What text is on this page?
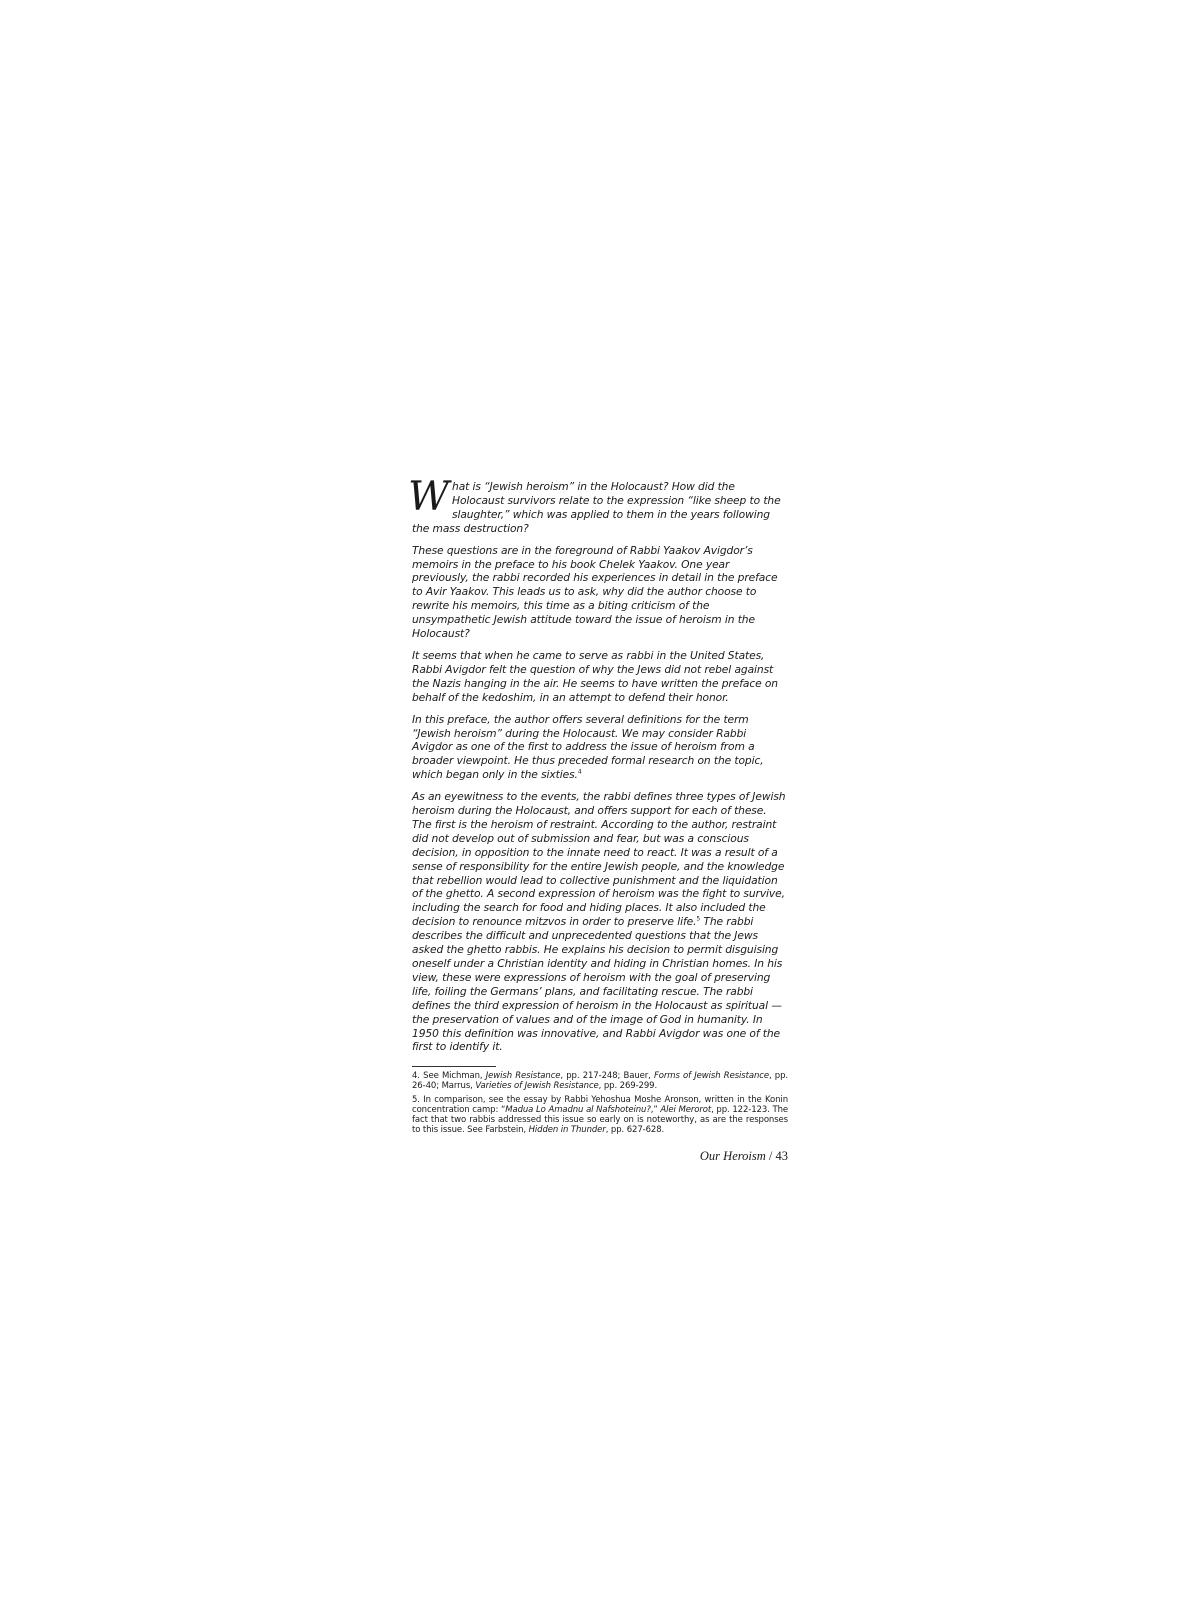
What is “Jewish heroism” in the Holocaust? How did the Holocaust survivors relate to the expression “like sheep to the slaughter,” which was applied to them in the years following the mass destruction?

These questions are in the foreground of Rabbi Yaakov Avigdor’s memoirs in the preface to his book Chelek Yaakov. One year previously, the rabbi recorded his experiences in detail in the preface to Avir Yaakov. This leads us to ask, why did the author choose to rewrite his memoirs, this time as a biting criticism of the unsympathetic Jewish attitude toward the issue of heroism in the Holocaust?

It seems that when he came to serve as rabbi in the United States, Rabbi Avigdor felt the question of why the Jews did not rebel against the Nazis hanging in the air. He seems to have written the preface on behalf of the kedoshim, in an attempt to defend their honor.

In this preface, the author offers several definitions for the term “Jewish heroism” during the Holocaust. We may consider Rabbi Avigdor as one of the first to address the issue of heroism from a broader viewpoint. He thus preceded formal research on the topic, which began only in the sixties.$^4$

As an eyewitness to the events, the rabbi defines three types of Jewish heroism during the Holocaust, and offers support for each of these. The first is the heroism of restraint. According to the author, restraint did not develop out of submission and fear, but was a conscious decision, in opposition to the innate need to react. It was a result of a sense of responsibility for the entire Jewish people, and the knowledge that rebellion would lead to collective punishment and the liquidation of the ghetto. A second expression of heroism was the fight to survive, including the search for food and hiding places. It also included the decision to renounce mitzvos in order to preserve life.$^5$ The rabbi describes the difficult and unprecedented questions that the Jews asked the ghetto rabbis. He explains his decision to permit disguising oneself under a Christian identity and hiding in Christian homes. In his view, these were expressions of heroism with the goal of preserving life, foiling the Germans’ plans, and facilitating rescue. The rabbi defines the third expression of heroism in the Holocaust as spiritual — the preservation of values and of the image of God in humanity. In 1950 this definition was innovative, and Rabbi Avigdor was one of the first to identify it.

4. See Michman, Jewish Resistance, pp. 217-248; Bauer, Forms of Jewish Resistance, pp. 26-40; Marrus, Varieties of Jewish Resistance, pp. 269-299.

5. In comparison, see the essay by Rabbi Yehoshua Moshe Aronson, written in the Konin concentration camp: “Madua Lo Amadnu al Nafshoteinu?,” Alei Merorot, pp. 122-123. The fact that two rabbis addressed this issue so early on is noteworthy, as are the responses to this issue. See Farbstein, Hidden in Thunder, pp. 627-628.

Our Heroism / 43
